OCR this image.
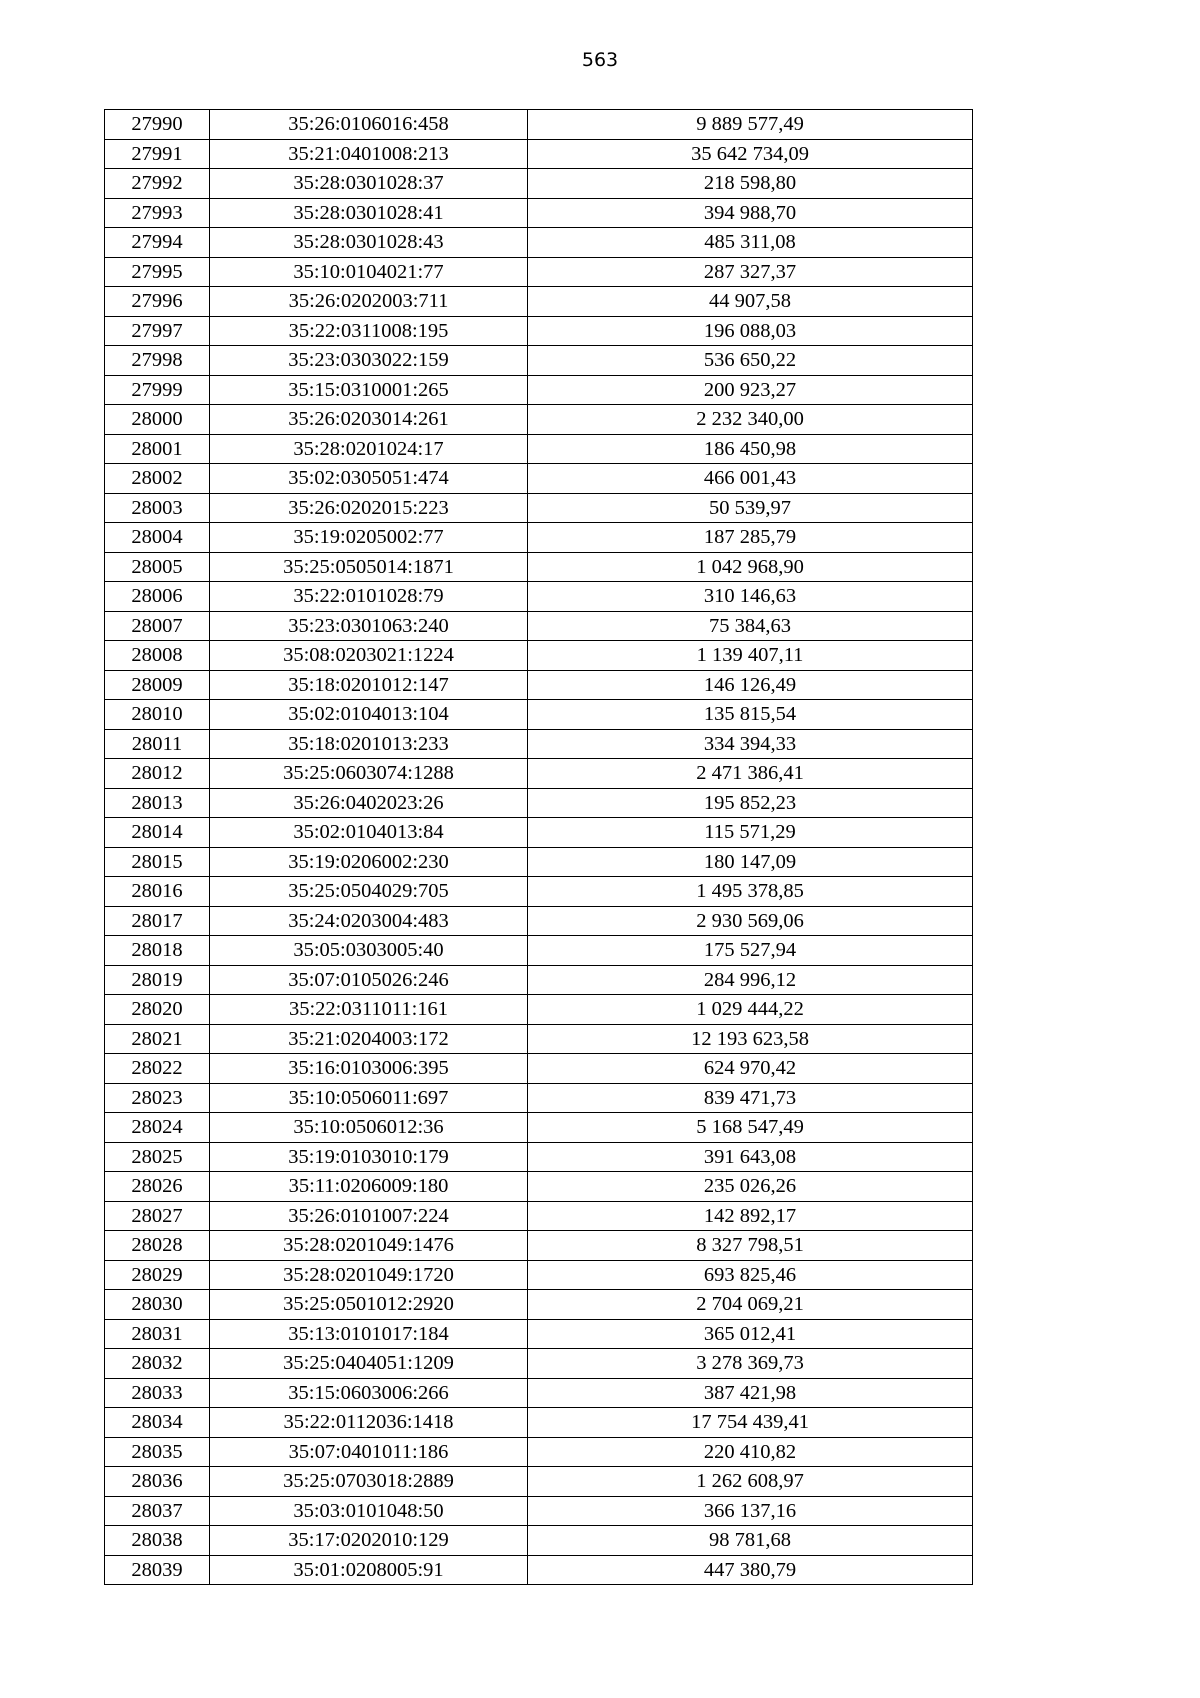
563
27990	35:26:0106016:458	9 889 577,49
27991	35:21:0401008:213	35 642 734,09
27992	35:28:0301028:37	218 598,80
27993	35:28:0301028:41	394 988,70
27994	35:28:0301028:43	485 311,08
27995	35:10:0104021:77	287 327,37
27996	35:26:0202003:711	44 907,58
27997	35:22:0311008:195	196 088,03
27998	35:23:0303022:159	536 650,22
27999	35:15:0310001:265	200 923,27
28000	35:26:0203014:261	2 232 340,00
28001	35:28:0201024:17	186 450,98
28002	35:02:0305051:474	466 001,43
28003	35:26:0202015:223	50 539,97
28004	35:19:0205002:77	187 285,79
28005	35:25:0505014:1871	1 042 968,90
28006	35:22:0101028:79	310 146,63
28007	35:23:0301063:240	75 384,63
28008	35:08:0203021:1224	1 139 407,11
28009	35:18:0201012:147	146 126,49
28010	35:02:0104013:104	135 815,54
28011	35:18:0201013:233	334 394,33
28012	35:25:0603074:1288	2 471 386,41
28013	35:26:0402023:26	195 852,23
28014	35:02:0104013:84	115 571,29
28015	35:19:0206002:230	180 147,09
28016	35:25:0504029:705	1 495 378,85
28017	35:24:0203004:483	2 930 569,06
28018	35:05:0303005:40	175 527,94
28019	35:07:0105026:246	284 996,12
28020	35:22:0311011:161	1 029 444,22
28021	35:21:0204003:172	12 193 623,58
28022	35:16:0103006:395	624 970,42
28023	35:10:0506011:697	839 471,73
28024	35:10:0506012:36	5 168 547,49
28025	35:19:0103010:179	391 643,08
28026	35:11:0206009:180	235 026,26
28027	35:26:0101007:224	142 892,17
28028	35:28:0201049:1476	8 327 798,51
28029	35:28:0201049:1720	693 825,46
28030	35:25:0501012:2920	2 704 069,21
28031	35:13:0101017:184	365 012,41
28032	35:25:0404051:1209	3 278 369,73
28033	35:15:0603006:266	387 421,98
28034	35:22:0112036:1418	17 754 439,41
28035	35:07:0401011:186	220 410,82
28036	35:25:0703018:2889	1 262 608,97
28037	35:03:0101048:50	366 137,16
28038	35:17:0202010:129	98 781,68
28039	35:01:0208005:91	447 380,79
